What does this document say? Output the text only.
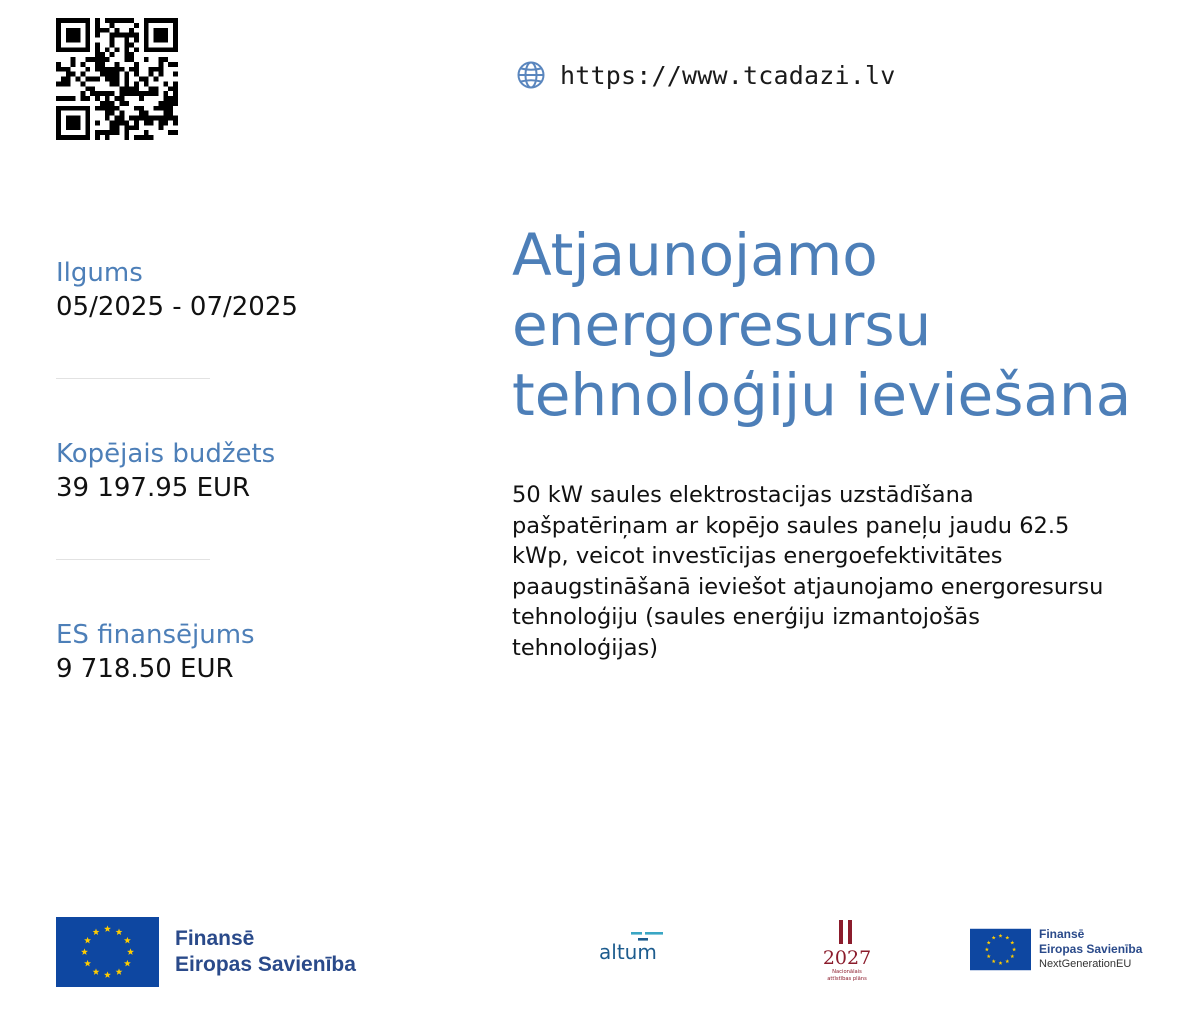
https://www.tcadazi.lv
Ilgums
05/2025 - 07/2025
Kopējais budžets
39 197.95 EUR
ES finansējums
9 718.50 EUR
Atjaunojamo
energoresursu
tehnoloģiju ieviešana
50 kW saules elektrostacijas uzstādīšana
pašpatēriņam ar kopējo saules paneļu jaudu 62.5
kWp, veicot investīcijas energoefektivitātes
paaugstināšanā ieviešot atjaunojamo energoresursu
tehnoloģiju (saules enerģiju izmantojošās
tehnoloģijas)
Finansē
Eiropas Savienība
altum	2027
Nacionālais
attīstības plāns
Finansē
Eiropas Savienība
NextGenerationEU
